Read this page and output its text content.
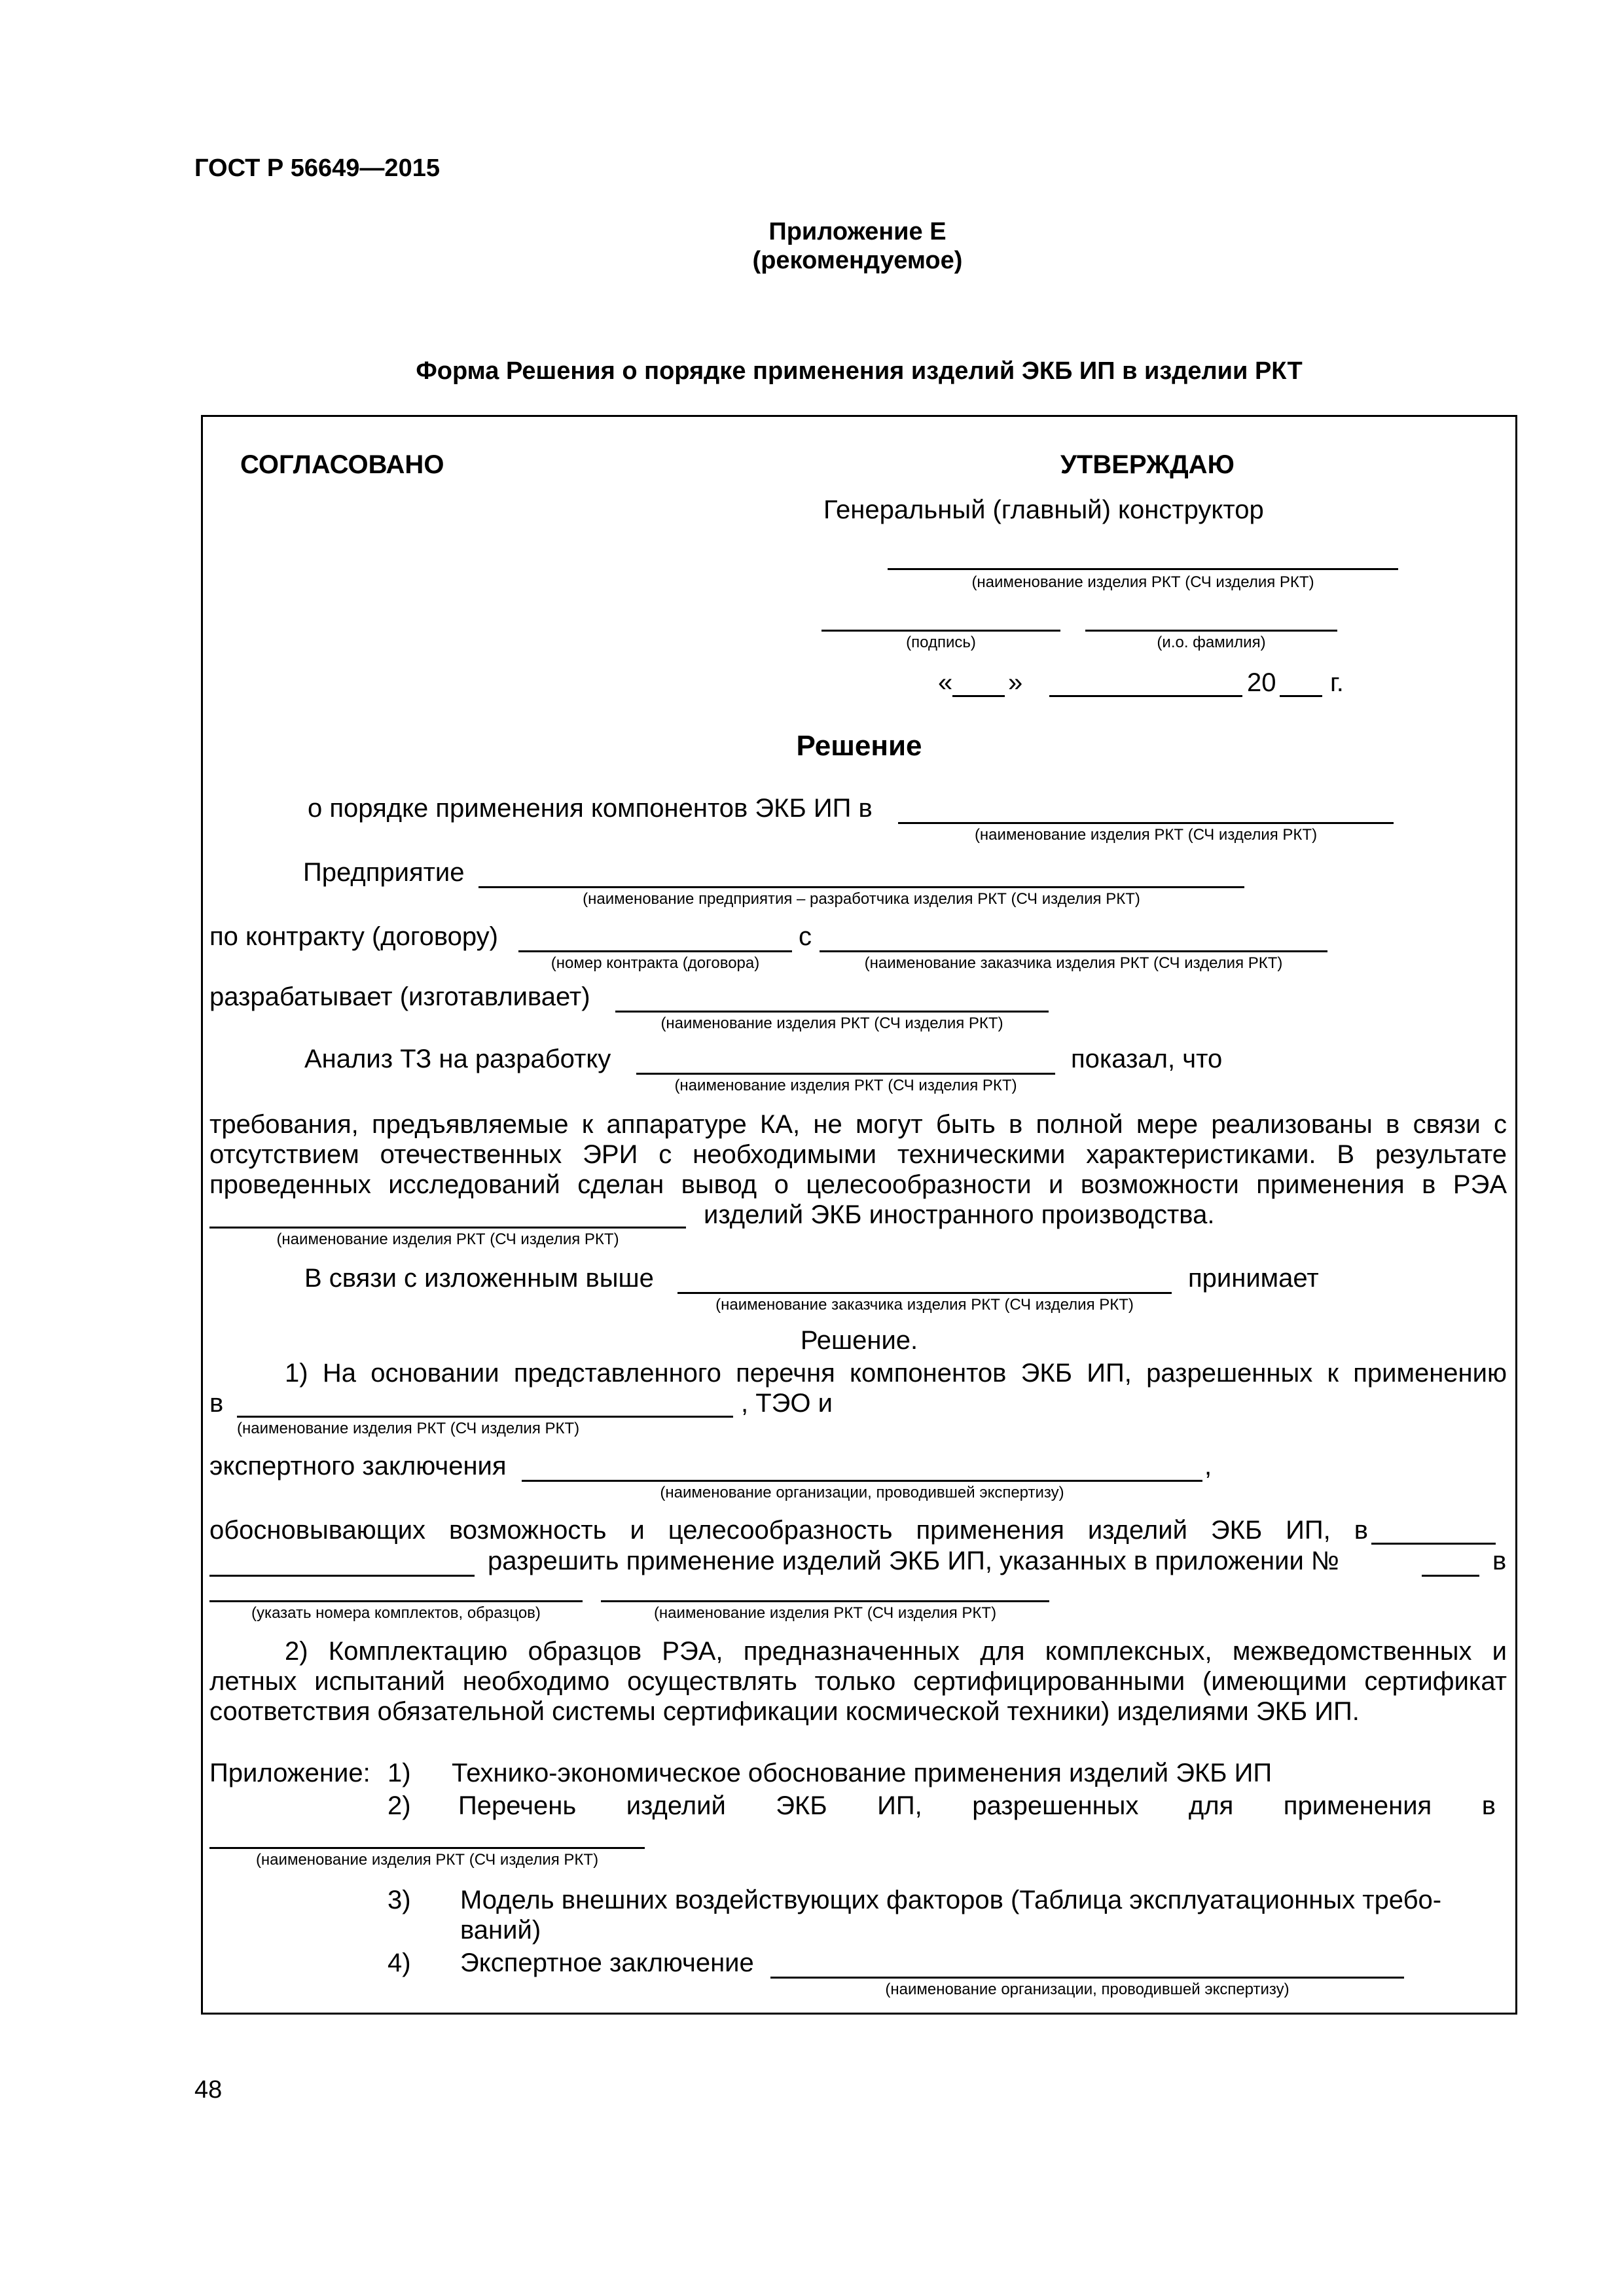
ГОСТ Р 56649—2015
Приложение Е
(рекомендуемое)
Форма Решения о порядке применения изделий ЭКБ ИП в изделии РКТ
СОГЛАСОВАНО	УТВЕРЖДАЮ
Генеральный (главный) конструктор
(наименование изделия РКТ (СЧ изделия РКТ)
(подпись)	(и.о. фамилия)
« »	20 г.
Решение
о порядке применения компонентов ЭКБ ИП в
(наименование изделия РКТ (СЧ изделия РКТ)
Предприятие
(наименование предприятия – разработчика изделия РКТ (СЧ изделия РКТ)
по контракту (договору)
(номер контракта (договора)
с
(наименование заказчика изделия РКТ (СЧ изделия РКТ)
разрабатывает (изготавливает)
(наименование изделия РКТ (СЧ изделия РКТ)
Анализ ТЗ на разработку
(наименование изделия РКТ (СЧ изделия РКТ)
показал, что
требования, предъявляемые к аппаратуре КА, не могут быть в полной мере реализованы в связи с
отсутствием отечественных ЭРИ с необходимыми техническими характеристиками. В результате
проведенных исследований сделан вывод о целесообразности и возможности применения в РЭА
(наименование изделия РКТ (СЧ изделия РКТ)
изделий ЭКБ иностранного производства.
В связи с изложенным выше
(наименование заказчика изделия РКТ (СЧ изделия РКТ)
принимает
Решение.
1) На основании представленного перечня компонентов ЭКБ ИП, разрешенных к применению
в
(наименование изделия РКТ (СЧ изделия РКТ)
, ТЭО и
экспертного заключения	,
(наименование организации, проводившей экспертизу)
обосновывающих возможность и целесообразность применения изделий ЭКБ ИП, в
разрешить применение изделий ЭКБ ИП, указанных в приложении №	в
(указать номера комплектов, образцов)	(наименование изделия РКТ (СЧ изделия РКТ)
2) Комплектацию образцов РЭА, предназначенных для комплексных, межведомственных и
летных испытаний необходимо осуществлять только сертифицированными (имеющими сертификат
соответствия обязательной системы сертификации космической техники) изделиями ЭКБ ИП.
Приложение: 1) Технико-экономическое обоснование применения изделий ЭКБ ИП
2) Перечень изделий ЭКБ ИП, разрешенных для применения в
(наименование изделия РКТ (СЧ изделия РКТ)
3) Модель внешних воздействующих факторов (Таблица эксплуатационных требо-
ваний)
4) Экспертное заключение
(наименование организации, проводившей экспертизу)
48
